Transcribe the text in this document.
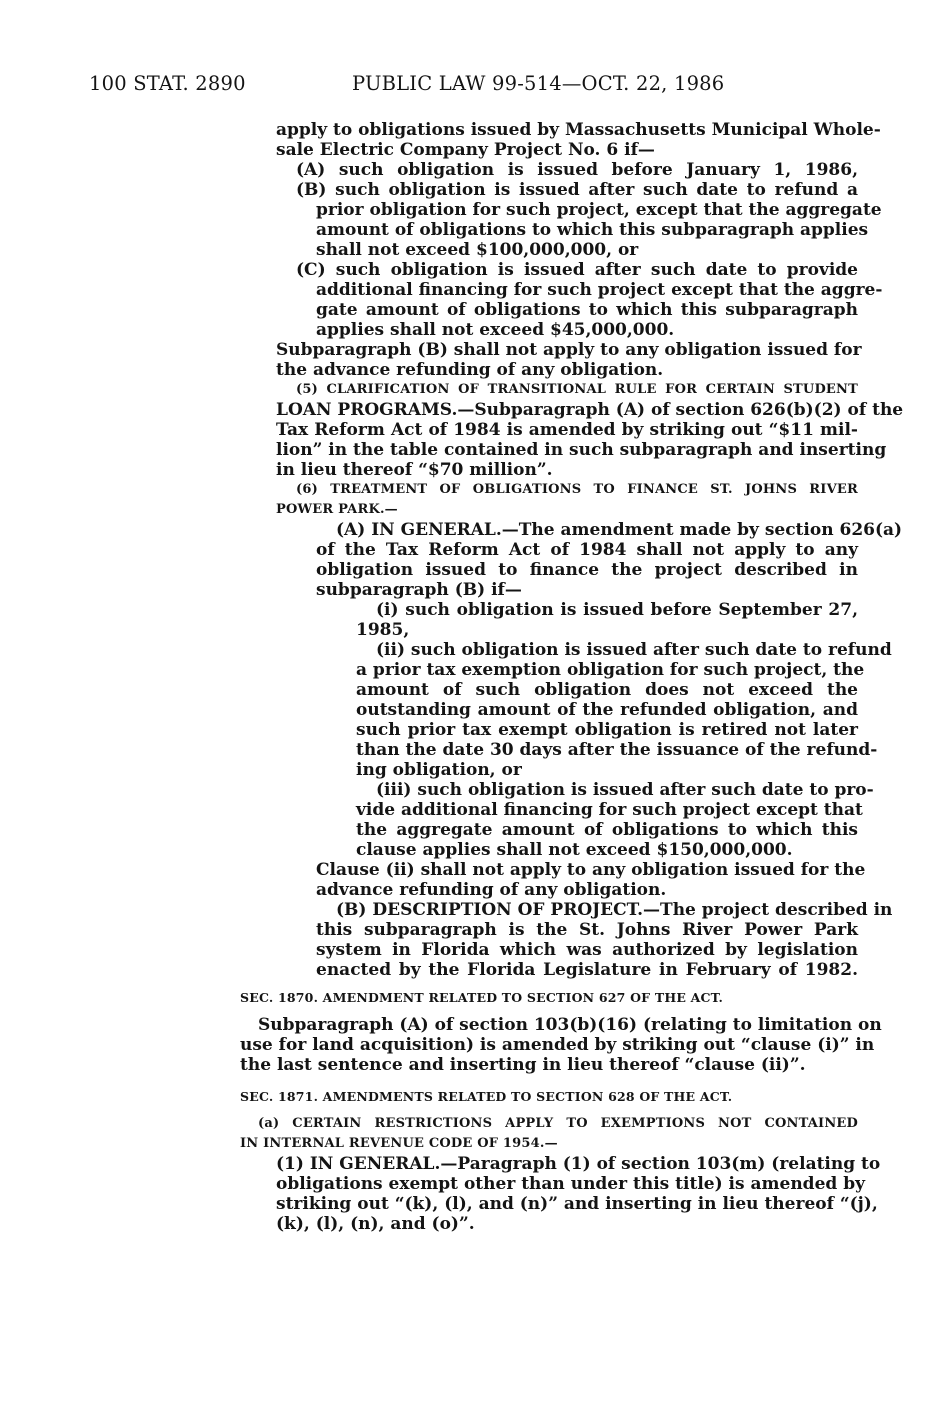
100 STAT. 2890	PUBLIC LAW 99-514—OCT. 22, 1986
apply to obligations issued by Massachusetts Municipal Whole-
sale Electric Company Project No. 6 if—
(A) such obligation is issued before January 1, 1986,
(B) such obligation is issued after such date to refund a
prior obligation for such project, except that the aggregate
amount of obligations to which this subparagraph applies
shall not exceed $100,000,000, or
(C) such obligation is issued after such date to provide
additional financing for such project except that the aggre-
gate amount of obligations to which this subparagraph
applies shall not exceed $45,000,000.
Subparagraph (B) shall not apply to any obligation issued for
the advance refunding of any obligation.
(5) CLARIFICATION OF TRANSITIONAL RULE FOR CERTAIN STUDENT
LOAN PROGRAMS.—Subparagraph (A) of section 626(b)(2) of the
Tax Reform Act of 1984 is amended by striking out “$11 mil-
lion” in the table contained in such subparagraph and inserting
in lieu thereof “$70 million”.
(6) TREATMENT OF OBLIGATIONS TO FINANCE ST. JOHNS RIVER
POWER PARK.—
(A) IN GENERAL.—The amendment made by section 626(a)
of the Tax Reform Act of 1984 shall not apply to any
obligation issued to finance the project described in
subparagraph (B) if—
(i) such obligation is issued before September 27,
1985,
(ii) such obligation is issued after such date to refund
a prior tax exemption obligation for such project, the
amount of such obligation does not exceed the
outstanding amount of the refunded obligation, and
such prior tax exempt obligation is retired not later
than the date 30 days after the issuance of the refund-
ing obligation, or
(iii) such obligation is issued after such date to pro-
vide additional financing for such project except that
the aggregate amount of obligations to which this
clause applies shall not exceed $150,000,000.
Clause (ii) shall not apply to any obligation issued for the
advance refunding of any obligation.
(B) DESCRIPTION OF PROJECT.—The project described in
this subparagraph is the St. Johns River Power Park
system in Florida which was authorized by legislation
enacted by the Florida Legislature in February of 1982.
SEC. 1870. AMENDMENT RELATED TO SECTION 627 OF THE ACT.
Subparagraph (A) of section 103(b)(16) (relating to limitation on
use for land acquisition) is amended by striking out “clause (i)” in
the last sentence and inserting in lieu thereof “clause (ii)”.
SEC. 1871. AMENDMENTS RELATED TO SECTION 628 OF THE ACT.
(a) CERTAIN RESTRICTIONS APPLY TO EXEMPTIONS NOT CONTAINED
IN INTERNAL REVENUE CODE OF 1954.—
(1) IN GENERAL.—Paragraph (1) of section 103(m) (relating to
obligations exempt other than under this title) is amended by
striking out “(k), (l), and (n)” and inserting in lieu thereof “(j),
(k), (l), (n), and (o)”.
